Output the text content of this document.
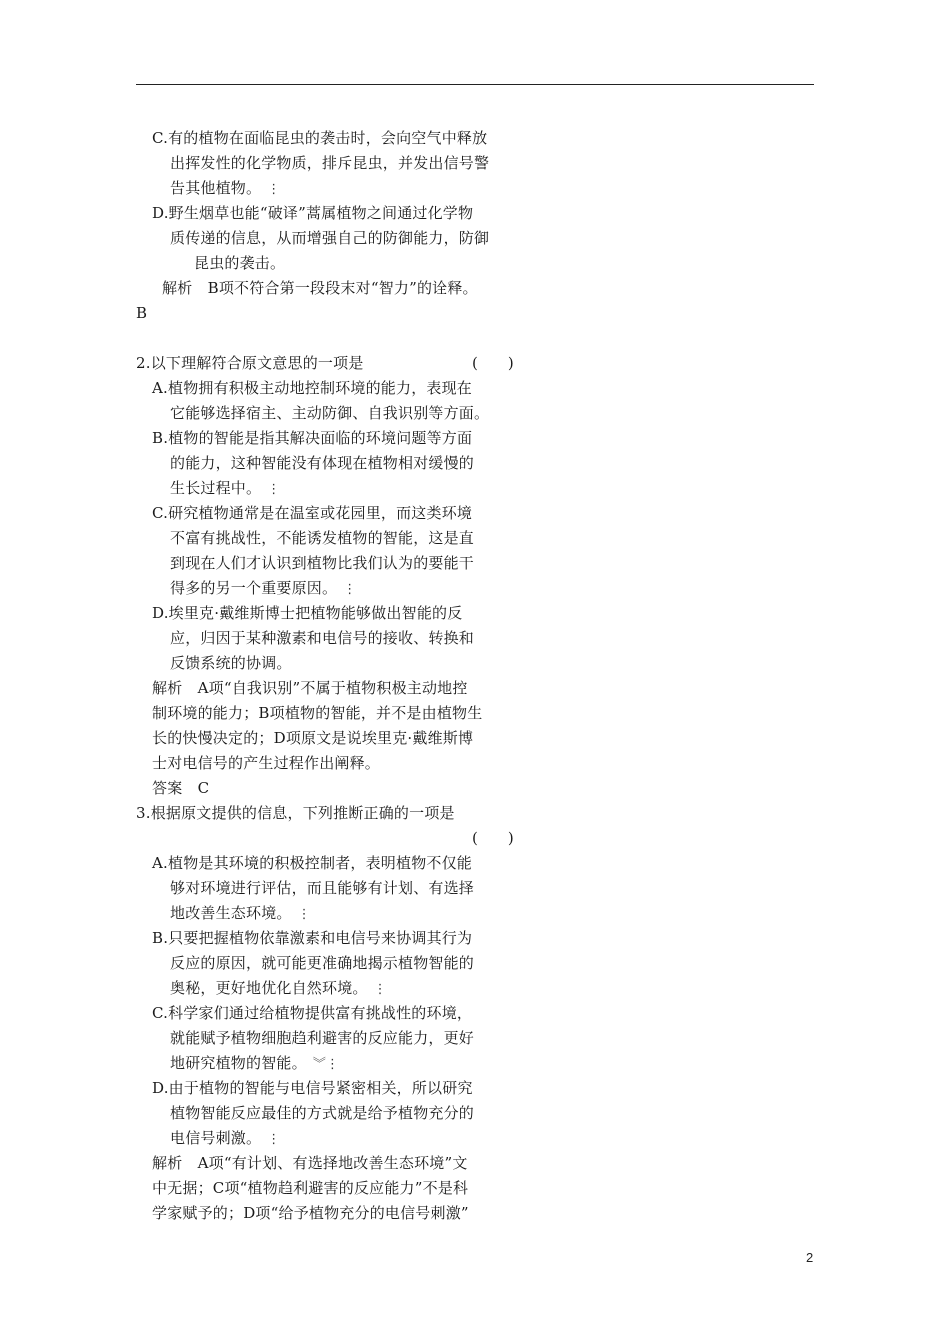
C.有的植物在面临昆虫的袭击时，会向空气中释放
出挥发性的化学物质，排斥昆虫，并发出信号警
告其他植物。 ⋮
D.野生烟草也能“破译”蒿属植物之间通过化学物
质传递的信息，从而增强自己的防御能力，防御
昆虫的袭击。
解析　B项不符合第一段段末对“智力”的诠释。
B
2.以下理解符合原文意思的一项是	(　　)
A.植物拥有积极主动地控制环境的能力，表现在
它能够选择宿主、主动防御、自我识别等方面。
B.植物的智能是指其解决面临的环境问题等方面
的能力，这种智能没有体现在植物相对缓慢的
生长过程中。 ⋮
C.研究植物通常是在温室或花园里，而这类环境
不富有挑战性，不能诱发植物的智能，这是直
到现在人们才认识到植物比我们认为的要能干
得多的另一个重要原因。 ⋮
D.埃里克·戴维斯博士把植物能够做出智能的反
应，归因于某种激素和电信号的接收、转换和
反馈系统的协调。
解析　A项“自我识别”不属于植物积极主动地控
制环境的能力；B项植物的智能，并不是由植物生
长的快慢决定的；D项原文是说埃里克·戴维斯博
士对电信号的产生过程作出阐释。
答案　C
3.根据原文提供的信息，下列推断正确的一项是
(　　)
A.植物是其环境的积极控制者，表明植物不仅能
够对环境进行评估，而且能够有计划、有选择
地改善生态环境。 ⋮
B.只要把握植物依靠激素和电信号来协调其行为
反应的原因，就可能更准确地揭示植物智能的
奥秘，更好地优化自然环境。 ⋮
C.科学家们通过给植物提供富有挑战性的环境，
就能赋予植物细胞趋利避害的反应能力，更好
地研究植物的智能。 ︾⋮
D.由于植物的智能与电信号紧密相关，所以研究
植物智能反应最佳的方式就是给予植物充分的
电信号刺激。 ⋮
解析　A项“有计划、有选择地改善生态环境”文
中无据；C项“植物趋利避害的反应能力”不是科
学家赋予的；D项“给予植物充分的电信号刺激”
2
